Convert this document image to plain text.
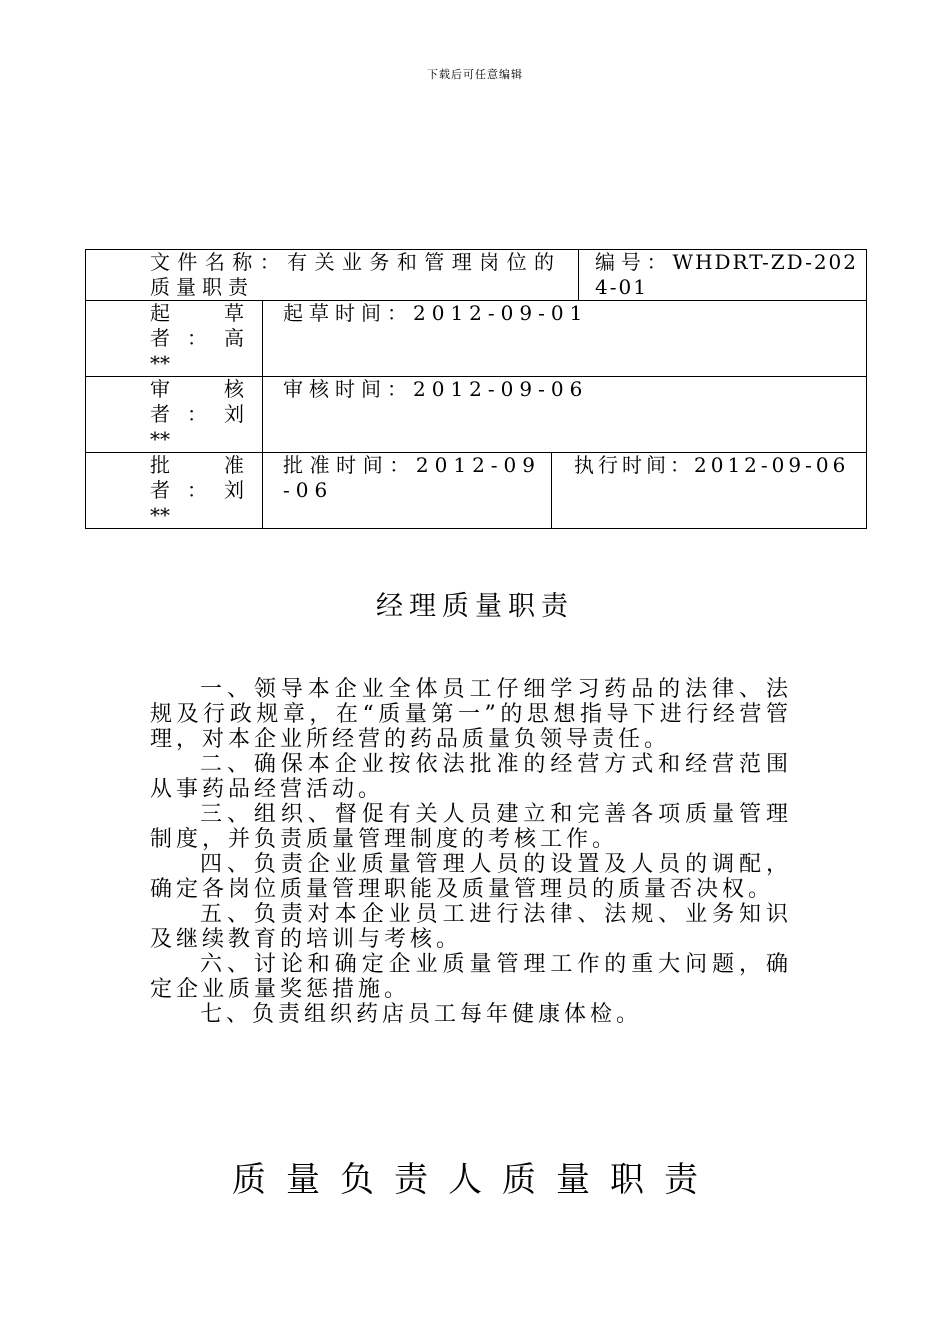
下载后可任意编辑
文件名称：有关业务和管理岗位的质量职责			编号：WHDRT-ZD-2024-01

起　草
者：高
**	起草时间：2012-09-01		

审　核
者：刘
**	审核时间：2012-09-06		

批　准
者：刘
**	批准时间：2012-09-06	执行时间：2012-09-06	
经理质量职责

一、领导本企业全体员工仔细学习药品的法律、法规及行政规章，在“质量第一”的思想指导下进行经营管理，对本企业所经营的药品质量负领导责任。

二、确保本企业按依法批准的经营方式和经营范围从事药品经营活动。

三、组织、督促有关人员建立和完善各项质量管理制度，并负责质量管理制度的考核工作。

四、负责企业质量管理人员的设置及人员的调配，确定各岗位质量管理职能及质量管理员的质量否决权。

五、负责对本企业员工进行法律、法规、业务知识及继续教育的培训与考核。

六、讨论和确定企业质量管理工作的重大问题，确定企业质量奖惩措施。

七、负责组织药店员工每年健康体检。

质量负责人质量职责
